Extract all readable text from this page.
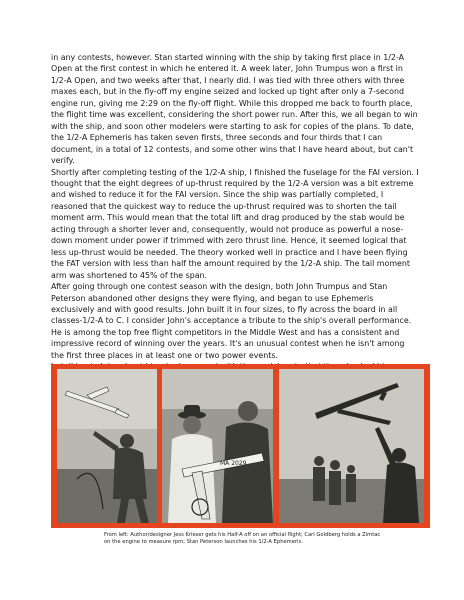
in any contests, however. Stan started winning with the ship by taking first place in 1/2-A Open at the first contest in which he entered it. A week later, John Trumpus won a first in 1/2-A Open, and two weeks after that, I nearly did. I was tied with three others with three maxes each, but in the fly-off my engine seized and locked up tight after only a 7-second engine run, giving me 2:29 on the fly-off flight. While this dropped me back to fourth place, the flight time was excellent, considering the short power run. After this, we all began to win with the ship, and soon other modelers were starting to ask for copies of the plans. To date, the 1/2-A Ephemeris has taken seven firsts, three seconds and four thirds that I can document, in a total of 12 contests, and some other wins that I have heard about, but can't verify.

Shortly after completing testing of the 1/2-A ship, I finished the fuselage for the FAI version. I thought that the eight degrees of up-thrust required by the 1/2-A version was a bit extreme and wished to reduce it for the FAI version. Since the ship was partially completed, I reasoned that the quickest way to reduce the up-thrust required was to shorten the tail moment arm. This would mean that the total lift and drag produced by the stab would be acting through a shorter lever and, consequently, would not produce as powerful a nose-down moment under power if trimmed with zero thrust line. Hence, it seemed logical that less up-thrust would be needed. The theory worked well in practice and I have been flying the FAT version with less than half the amount required by the 1/2-A ship. The tail moment arm was shortened to 45% of the span.

After going through one contest season with the design, both John Trumpus and Stan Peterson abandoned other designs they were flying, and began to use Ephemeris exclusively and with good results. John built it in four sizes, to fly across the board in all classes-1/2-A to C. I consider John's acceptance a tribute to the ship's overall performance. He is among the top free flight competitors in the Middle West and has a consistent and impressive record of winning over the years. It's an unusual contest when he isn't among the first three places in at least one or two power events.

MA 2029
From left: Author/designer Jess Krieser gets his Half-A off on an official flight; Carl Goldberg holds a Zimtac on the engine to measure rpm; Stan Peterson launches his 1/2-A Ephemeris.
